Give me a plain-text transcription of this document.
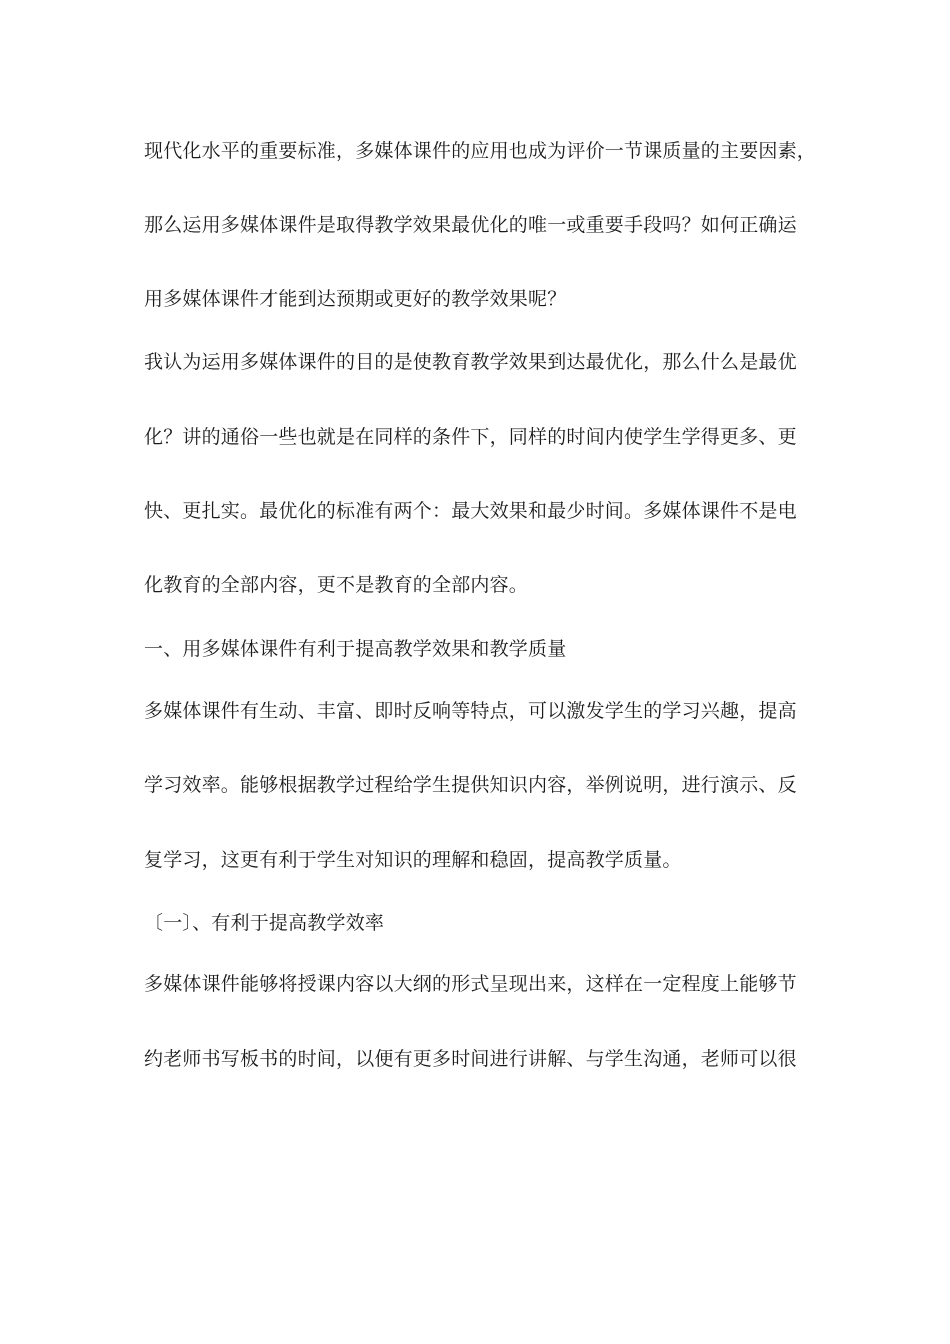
现代化水平的重要标准，多媒体课件的应用也成为评价一节课质量的主要因素，
那么运用多媒体课件是取得教学效果最优化的唯一或重要手段吗？如何正确运
用多媒体课件才能到达预期或更好的教学效果呢？
我认为运用多媒体课件的目的是使教育教学效果到达最优化，那么什么是最优
化？讲的通俗一些也就是在同样的条件下，同样的时间内使学生学得更多、更
快、更扎实。最优化的标准有两个：最大效果和最少时间。多媒体课件不是电
化教育的全部内容，更不是教育的全部内容。
一、用多媒体课件有利于提高教学效果和教学质量
多媒体课件有生动、丰富、即时反响等特点，可以激发学生的学习兴趣，提高
学习效率。能够根据教学过程给学生提供知识内容，举例说明，进行演示、反
复学习，这更有利于学生对知识的理解和稳固，提高教学质量。
〔一〕、有利于提高教学效率
多媒体课件能够将授课内容以大纲的形式呈现出来，这样在一定程度上能够节
约老师书写板书的时间，以便有更多时间进行讲解、与学生沟通，老师可以很
